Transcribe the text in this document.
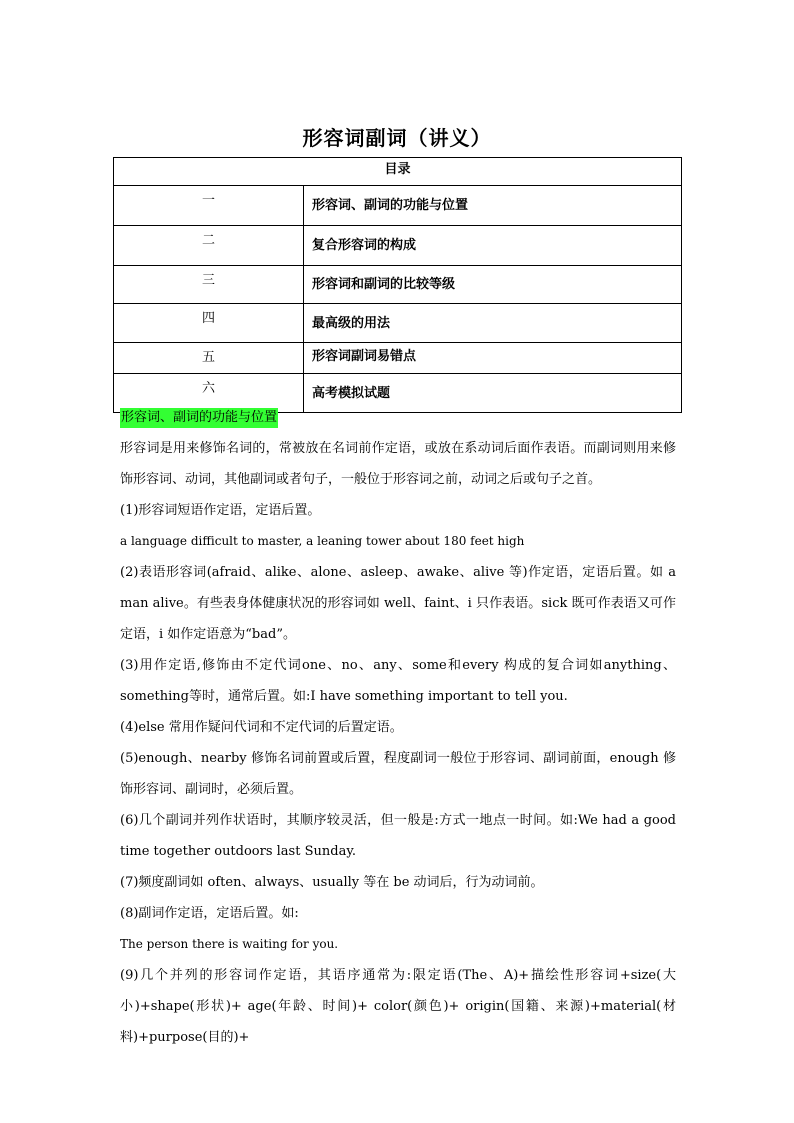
形容词副词（讲义）
目录	
一	形容词、副词的功能与位置
二	复合形容词的构成
三	形容词和副词的比较等级
四	最高级的用法
五	形容词副词易错点
六	高考模拟试题
形容词、副词的功能与位置

形容词是用来修饰名词的，常被放在名词前作定语，或放在系动词后面作表语。而副词则用来修饰形容词、动词，其他副词或者句子，一般位于形容词之前，动词之后或句子之首。

(1)形容词短语作定语，定语后置。

a language difficult to master, a leaning tower about 180 feet high

(2)表语形容词(afraid、alike、alone、asleep、awake、alive 等)作定语，定语后置。如 a man alive。有些表身体健康状况的形容词如 well、faint、i 只作表语。sick 既可作表语又可作定语，i 如作定语意为“bad”。

(3)用作定语,修饰由不定代词one、no、any、some和every 构成的复合词如anything、something等时，通常后置。如:I have something important to tell you.

(4)else 常用作疑问代词和不定代词的后置定语。

(5)enough、nearby 修饰名词前置或后置，程度副词一般位于形容词、副词前面，enough 修饰形容词、副词时，必须后置。

(6)几个副词并列作状语时，其顺序较灵活，但一般是:方式一地点一时间。如:We had a good time together outdoors last Sunday.

(7)频度副词如 often、always、usually 等在 be 动词后，行为动词前。

(8)副词作定语，定语后置。如:

The person there is waiting for you.

(9)几个并列的形容词作定语，其语序通常为:限定语(The、A)+描绘性形容词+size(大小)+shape(形状)+ age(年龄、时间)+ color(颜色)+ origin(国籍、来源)+material(材料)+purpose(目的)+
